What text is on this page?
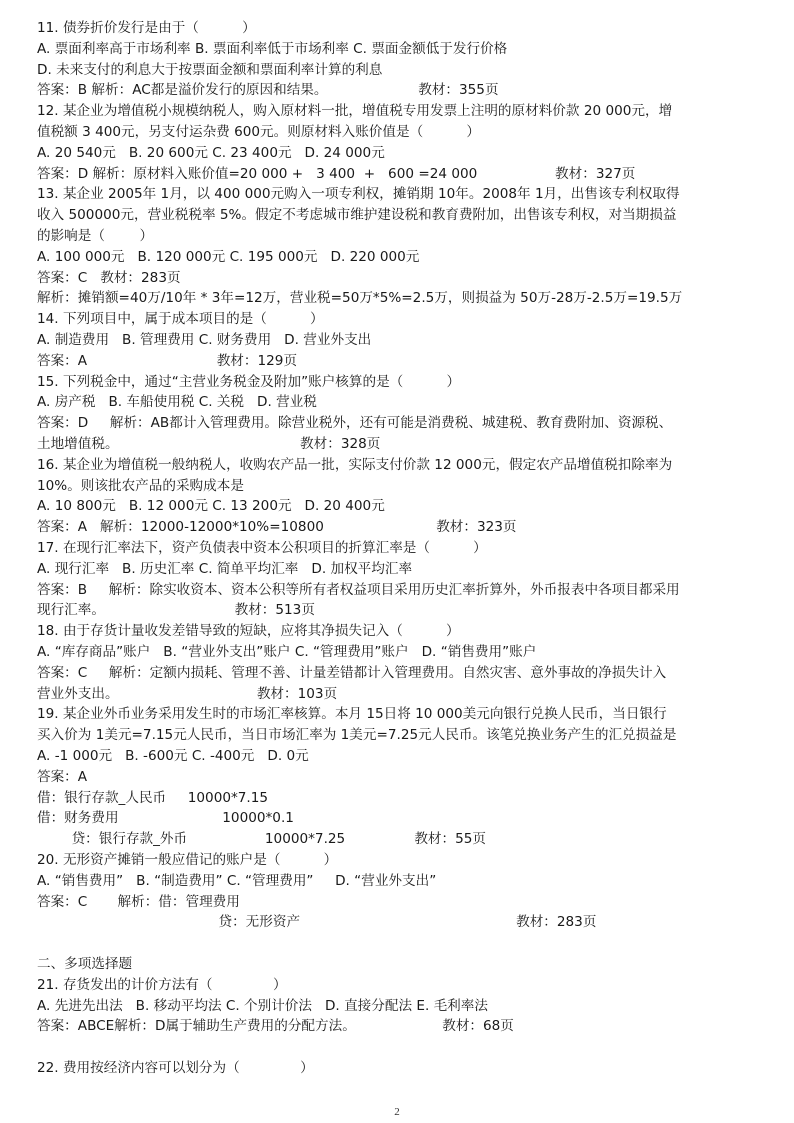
11. 债券折价发行是由于（          ）
A. 票面利率高于市场利率 B. 票面利率低于市场利率 C. 票面金额低于发行价格
D. 未来支付的利息大于按票面金额和票面利率计算的利息
答案：B 解析：AC都是溢价发行的原因和结果。                     教材：355页
12. 某企业为增值税小规模纳税人，购入原材料一批，增值税专用发票上注明的原材料价款 20 000元，增
值税额 3 400元，另支付运杂费 600元。则原材料入账价值是（          ）
A. 20 540元   B. 20 600元 C. 23 400元   D. 24 000元
答案：D 解析：原材料入账价值=20 000 +   3 400  +   600 =24 000                  教材：327页
13. 某企业 2005年 1月，以 400 000元购入一项专利权，摊销期 10年。2008年 1月，出售该专利权取得
收入 500000元，营业税税率 5%。假定不考虑城市维护建设税和教育费附加，出售该专利权，对当期损益
的影响是（        ）
A. 100 000元   B. 120 000元 C. 195 000元   D. 220 000元
答案：C   教材：283页
解析：摊销额=40万/10年 * 3年=12万，营业税=50万*5%=2.5万，则损益为 50万-28万-2.5万=19.5万
14. 下列项目中，属于成本项目的是（          ）
A. 制造费用   B. 管理费用 C. 财务费用   D. 营业外支出
答案：A                              教材：129页
15. 下列税金中，通过“主营业务税金及附加”账户核算的是（          ）
A. 房产税   B. 车船使用税 C. 关税   D. 营业税
答案：D     解析：AB都计入管理费用。除营业税外，还有可能是消费税、城建税、教育费附加、资源税、
土地增值税。                                          教材：328页
16. 某企业为增值税一般纳税人，收购农产品一批，实际支付价款 12 000元，假定农产品增值税扣除率为
10%。则该批农产品的采购成本是
A. 10 800元   B. 12 000元 C. 13 200元   D. 20 400元
答案：A   解析：12000-12000*10%=10800                          教材：323页
17. 在现行汇率法下，资产负债表中资本公积项目的折算汇率是（          ）
A. 现行汇率   B. 历史汇率 C. 简单平均汇率   D. 加权平均汇率
答案：B     解析：除实收资本、资本公积等所有者权益项目采用历史汇率折算外，外币报表中各项目都采用
现行汇率。                              教材：513页
18. 由于存货计量收发差错导致的短缺，应将其净损失记入（          ）
A. “库存商品”账户   B. “营业外支出”账户 C. “管理费用”账户   D. “销售费用”账户
答案：C     解析：定额内损耗、管理不善、计量差错都计入管理费用。自然灾害、意外事故的净损失计入
营业外支出。                                教材：103页
19. 某企业外币业务采用发生时的市场汇率核算。本月 15日将 10 000美元向银行兑换人民币，当日银行
买入价为 1美元=7.15元人民币，当日市场汇率为 1美元=7.25元人民币。该笔兑换业务产生的汇兑损益是
A. -1 000元   B. -600元 C. -400元   D. 0元
答案：A
借：银行存款_人民币     10000*7.15
借：财务费用                        10000*0.1
贷：银行存款_外币                  10000*7.25                教材：55页
20. 无形资产摊销一般应借记的账户是（          ）
A. “销售费用”   B. “制造费用” C. “管理费用”     D. “营业外支出”
答案：C       解析：借：管理费用
贷：无形资产                                                  教材：283页
二、多项选择题
21. 存货发出的计价方法有（              ）
A. 先进先出法   B. 移动平均法 C. 个别计价法   D. 直接分配法 E. 毛利率法
答案：ABCE解析：D属于辅助生产费用的分配方法。                    教材：68页
22. 费用按经济内容可以划分为（              ）
2
